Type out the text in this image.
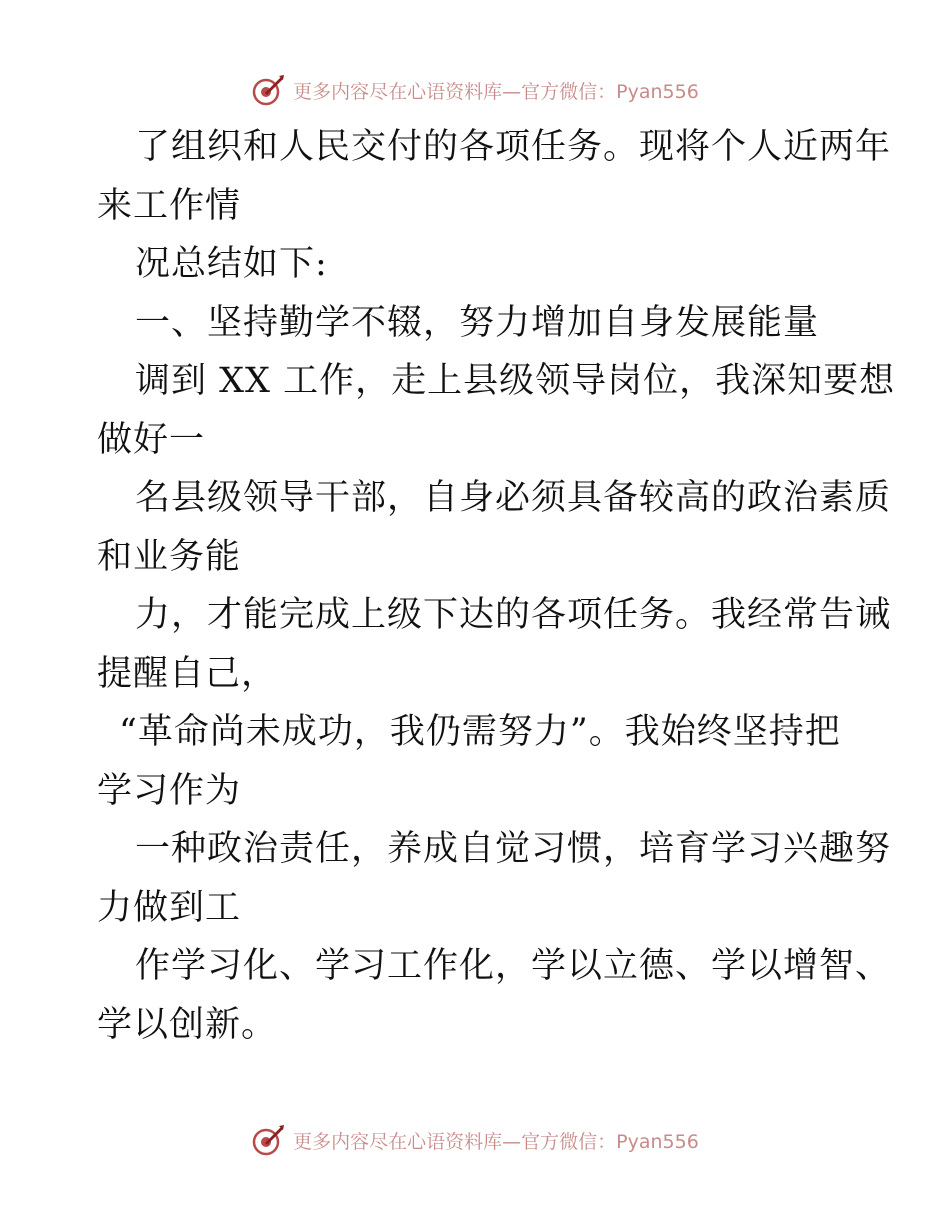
更多内容尽在心语资料库—官方微信：Pyan556
了组织和人民交付的各项任务。现将个人近两年
来工作情
况总结如下:
一、坚持勤学不辍，努力增加自身发展能量
调到 XX 工作，走上县级领导岗位，我深知要想
做好一
名县级领导干部，自身必须具备较高的政治素质
和业务能
力，才能完成上级下达的各项任务。我经常告诫
提醒自己，
“革命尚未成功，我仍需努力”。我始终坚持把
学习作为
一种政治责任，养成自觉习惯，培育学习兴趣努
力做到工
作学习化、学习工作化，学以立德、学以增智、
学以创新。
更多内容尽在心语资料库—官方微信：Pyan556
